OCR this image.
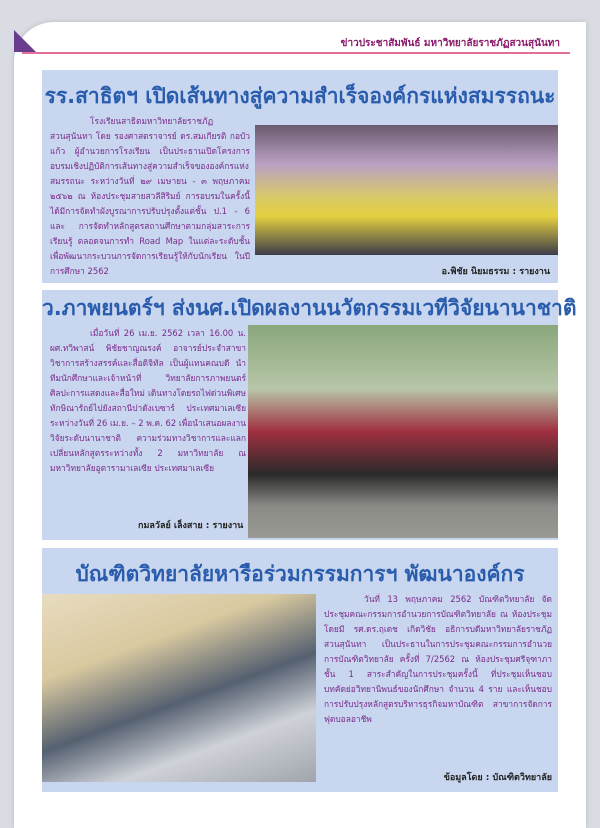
ข่าวประชาสัมพันธ์ มหาวิทยาลัยราชภัฏสวนสุนันทา
รร.สาธิตฯ เปิดเส้นทางสู่ความสำเร็จองค์กรแห่งสมรรถนะ
โรงเรียนสาธิตมหาวิทยาลัยราชภัฏสวนสุนันทา โดย รองศาสตราจารย์ ดร.สมเกียรติ กอบัวแก้ว ผู้อำนวยการโรงเรียน เป็นประธานเปิดโครงการอบรมเชิงปฏิบัติการเส้นทางสู่ความสำเร็จขององค์กรแห่งสมรรถนะ ระหว่างวันที่ ๒๙ เมษายน - ๓ พฤษภาคม ๒๕๖๒ ณ ห้องประชุมสายสวลีสิริมย์ การอบรมในครั้งนี้ได้มีการจัดทำผังบูรณาการปรับปรุงตั้งแต่ชั้น ป.1 - 6 และ การจัดทำหลักสูตรสถานศึกษาตามกลุ่มสาระการเรียนรู้ ตลอดจนการทำ Road Map ในแต่ละระดับชั้น เพื่อพัฒนากระบวนการจัดการเรียนรู้ให้กับนักเรียน ในปีการศึกษา 2562	อ.พิชัย นิยมธรรม : รายงาน
ว.ภาพยนตร์ฯ ส่งนศ.เปิดผลงานนวัตกรรมเวทีวิจัยนานาชาติ
เมื่อวันที่ 26 เม.ย. 2562 เวลา 16.00 น. ผศ.ทวิพาสน์ พิชัยชาญณรงค์ อาจารย์ประจำสาขาวิชาการสร้างสรรค์และสื่อดิจิทัล เป็นผู้แทนคณบดี นำทีมนักศึกษาและเจ้าหน้าที่ วิทยาลัยการภาพยนตร์ ศิลปะการแสดงและสื่อใหม่ เดินทางโดยรถไฟด่วนพิเศษทักษิณารัถย์ไปยังสถานีปาดังเบซาร์ ประเทศมาเลเซีย ระหว่างวันที่ 26 เม.ย. – 2 พ.ค. 62 เพื่อนำเสนอผลงานวิจัยระดับนานาชาติ ความร่วมทางวิชาการและแลกเปลี่ยนหลักสูตรระหว่างทั้ง 2 มหาวิทยาลัย ณ มหาวิทยาลัยอูตารามาเลเซีย ประเทศมาเลเซีย
กมลวัลย์ เล็งสาย : รายงาน
บัณฑิตวิทยาลัยหารือร่วมกรรมการฯ พัฒนาองค์กร
วันที่ 13 พฤษภาคม 2562 บัณฑิตวิทยาลัย จัดประชุมคณะกรรมการอำนวยการบัณฑิตวิทยาลัย ณ ห้องประชุมโดยมี รศ.ดร.ฤเดช เกิดวิชัย อธิการบดีมหาวิทยาลัยราชภัฏสวนสุนันทา เป็นประธานในการประชุมคณะกรรมการอำนวยการบัณฑิตวิทยาลัย ครั้งที่ 7/2562 ณ ห้องประชุมศรีจุฑาภา ชั้น 1 สาระสำคัญในการประชุมครั้งนี้ ที่ประชุมเห็นชอบบทคัดย่อวิทยานิพนธ์ของนักศึกษา จำนวน 4 ราย และเห็นชอบการปรับปรุงหลักสูตรบริหารธุรกิจมหาบัณฑิต สาขาการจัดการฟุตบอลอาชีพ
ข้อมูลโดย : บัณฑิตวิทยาลัย
